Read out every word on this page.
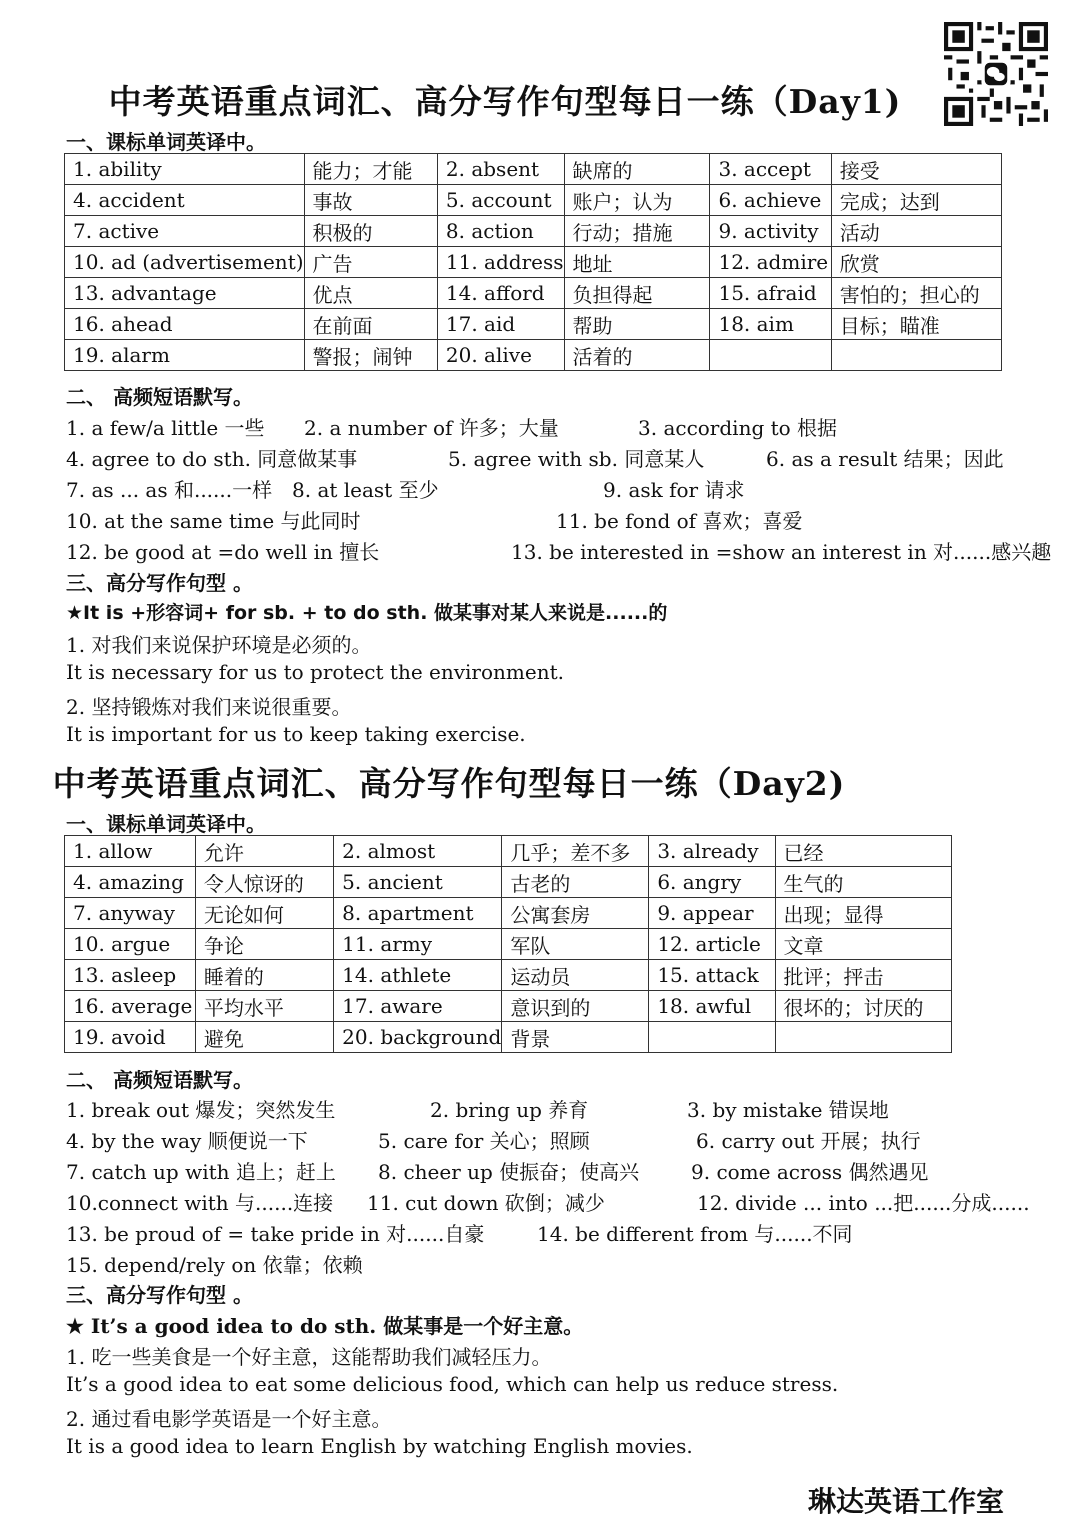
中考英语重点词汇、高分写作句型每日一练（Day1)

一、课标单词英译中。

1. ability	能力；才能	2. absent	缺席的	3. accept	接受
4. accident	事故	5. account	账户；认为	6. achieve	完成；达到
7. active	积极的	8. action	行动；措施	9. activity	活动
10. ad (advertisement)	广告	11. address	地址	12. admire	欣赏
13. advantage	优点	14. afford	负担得起	15. afraid	害怕的；担心的
16. ahead	在前面	17. aid	帮助	18. aim	目标；瞄准
19. alarm	警报；闹钟	20. alive	活着的		

二、 高频短语默写。

1. a few/a little 一些 2. a number of 许多；大量	3. according to 根据

4. agree to do sth. 同意做某事	5. agree with sb. 同意某人	6. as a result 结果；因此

7. as ... as 和......一样 8. at least 至少	9. ask for 请求

10. at the same time 与此同时	11. be fond of 喜欢；喜爱

12. be good at =do well in 擅长	13. be interested in =show an interest in 对......感兴趣

三、高分写作句型 。

★It is +形容词+ for sb. + to do sth. 做某事对某人来说是......的

1. 对我们来说保护环境是必须的。

It is necessary for us to protect the environment.

2. 坚持锻炼对我们来说很重要。

It is important for us to keep taking exercise.

中考英语重点词汇、高分写作句型每日一练（Day2)

一、课标单词英译中。

1. allow	允许	2. almost	几乎；差不多	3. already	已经
4. amazing	令人惊讶的	5. ancient	古老的	6. angry	生气的
7. anyway	无论如何	8. apartment	公寓套房	9. appear	出现；显得
10. argue	争论	11. army	军队	12. article	文章
13. asleep	睡着的	14. athlete	运动员	15. attack	批评；抨击
16. average	平均水平	17. aware	意识到的	18. awful	很坏的；讨厌的
19. avoid	避免	20. background	背景		

二、 高频短语默写。

1. break out 爆发；突然发生	2. bring up 养育	3. by mistake 错误地

4. by the way 顺便说一下	5. care for 关心；照顾	6. carry out 开展；执行

7. catch up with 追上；赶上 8. cheer up 使振奋；使高兴	9. come across 偶然遇见

10.connect with 与......连接 11. cut down 砍倒；减少	12. divide ... into ...把......分成......

13. be proud of = take pride in 对......自豪	14. be different from 与......不同

15. depend/rely on 依靠；依赖

三、高分写作句型 。

★ It’s a good idea to do sth. 做某事是一个好主意。

1. 吃一些美食是一个好主意，这能帮助我们减轻压力。

It’s a good idea to eat some delicious food, which can help us reduce stress.

2. 通过看电影学英语是一个好主意。

It is a good idea to learn English by watching English movies.

琳达英语工作室
